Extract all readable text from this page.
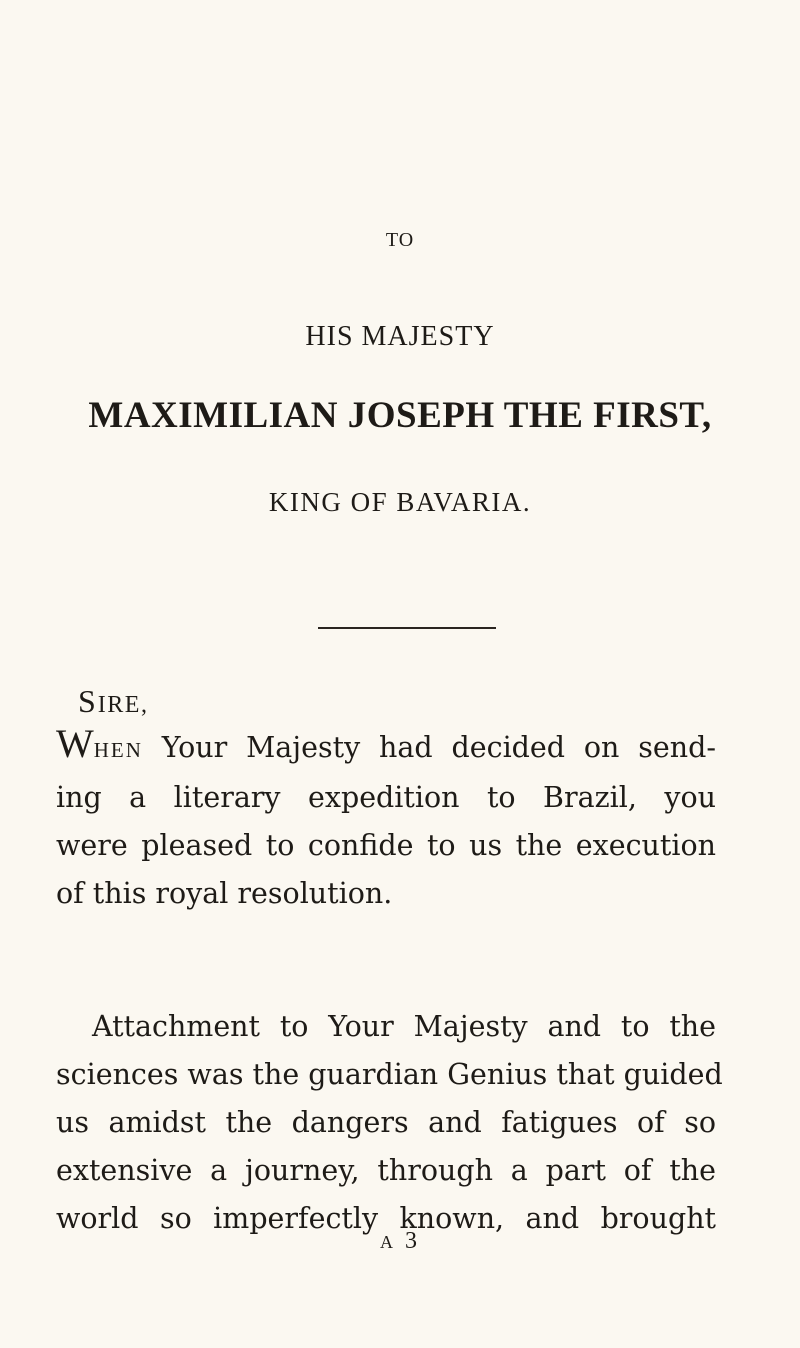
TO
HIS MAJESTY
MAXIMILIAN JOSEPH THE FIRST,
KING OF BAVARIA.
SIRE,
WHEN Your Majesty had decided on send-
ing a literary expedition to Brazil, you
were pleased to confide to us the execution
of this royal resolution.
Attachment to Your Majesty and to the
sciences was the guardian Genius that guided
us amidst the dangers and fatigues of so
extensive a journey, through a part of the
world so imperfectly known, and brought
A 3
